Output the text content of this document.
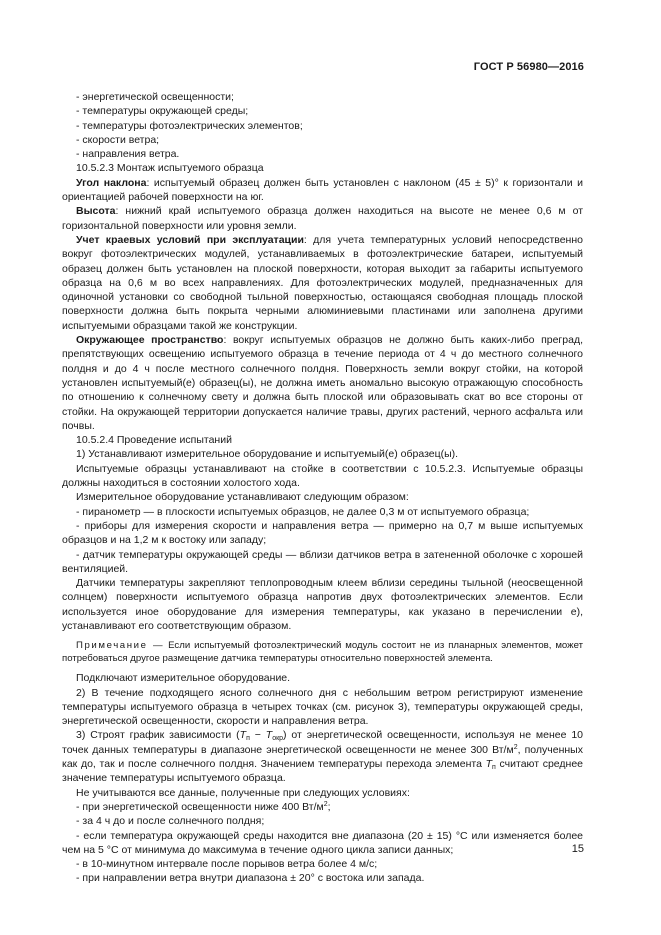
ГОСТ Р 56980—2016

- энергетической освещенности;

- температуры окружающей среды;

- температуры фотоэлектрических элементов;

- скорости ветра;

- направления ветра.

10.5.2.3 Монтаж испытуемого образца

Угол наклона: испытуемый образец должен быть установлен с наклоном (45 ± 5)° к горизонтали и ориентацией рабочей поверхности на юг.

Высота: нижний край испытуемого образца должен находиться на высоте не менее 0,6 м от горизонтальной поверхности или уровня земли.

Учет краевых условий при эксплуатации: для учета температурных условий непосредственно вокруг фотоэлектрических модулей, устанавливаемых в фотоэлектрические батареи, испытуемый образец должен быть установлен на плоской поверхности, которая выходит за габариты испытуемого образца на 0,6 м во всех направлениях. Для фотоэлектрических модулей, предназначенных для одиночной установки со свободной тыльной поверхностью, остающаяся свободная площадь плоской поверхности должна быть покрыта черными алюминиевыми пластинами или заполнена другими испытуемыми образцами такой же конструкции.

Окружающее пространство: вокруг испытуемых образцов не должно быть каких-либо преград, препятствующих освещению испытуемого образца в течение периода от 4 ч до местного солнечного полдня и до 4 ч после местного солнечного полдня. Поверхность земли вокруг стойки, на которой установлен испытуемый(е) образец(ы), не должна иметь аномально высокую отражающую способность по отношению к солнечному свету и должна быть плоской или образовывать скат во все стороны от стойки. На окружающей территории допускается наличие травы, других растений, черного асфальта или почвы.

10.5.2.4 Проведение испытаний

1) Устанавливают измерительное оборудование и испытуемый(е) образец(ы).

Испытуемые образцы устанавливают на стойке в соответствии с 10.5.2.3. Испытуемые образцы должны находиться в состоянии холостого хода.

Измерительное оборудование устанавливают следующим образом:

- пиранометр — в плоскости испытуемых образцов, не далее 0,3 м от испытуемого образца;

- приборы для измерения скорости и направления ветра — примерно на 0,7 м выше испытуемых образцов и на 1,2 м к востоку или западу;

- датчик температуры окружающей среды — вблизи датчиков ветра в затененной оболочке с хорошей вентиляцией.

Датчики температуры закрепляют теплопроводным клеем вблизи середины тыльной (неосвещенной солнцем) поверхности испытуемого образца напротив двух фотоэлектрических элементов. Если используется иное оборудование для измерения температуры, как указано в перечислении е), устанавливают его соответствующим образом.

Примечание — Если испытуемый фотоэлектрический модуль состоит не из планарных элементов, может потребоваться другое размещение датчика температуры относительно поверхностей элемента.

Подключают измерительное оборудование.

2) В течение подходящего ясного солнечного дня с небольшим ветром регистрируют изменение температуры испытуемого образца в четырех точках (см. рисунок 3), температуры окружающей среды, энергетической освещенности, скорости и направления ветра.

3) Строят график зависимости $(T_п - T_{окр})$ от энергетической освещенности, используя не менее 10 точек данных температуры в диапазоне энергетической освещенности не менее 300 $Вт/м^2$, полученных как до, так и после солнечного полдня. Значением температуры перехода элемента $T_п$ считают среднее значение температуры испытуемого образца.

Не учитываются все данные, полученные при следующих условиях:

- при энергетической освещенности ниже 400 $Вт/м^2$;

- за 4 ч до и после солнечного полдня;

- если температура окружающей среды находится вне диапазона (20 ± 15) °С или изменяется более чем на 5 °С от минимума до максимума в течение одного цикла записи данных;

- в 10-минутном интервале после порывов ветра более 4 м/с;

- при направлении ветра внутри диапазона ± 20° с востока или запада.

15
